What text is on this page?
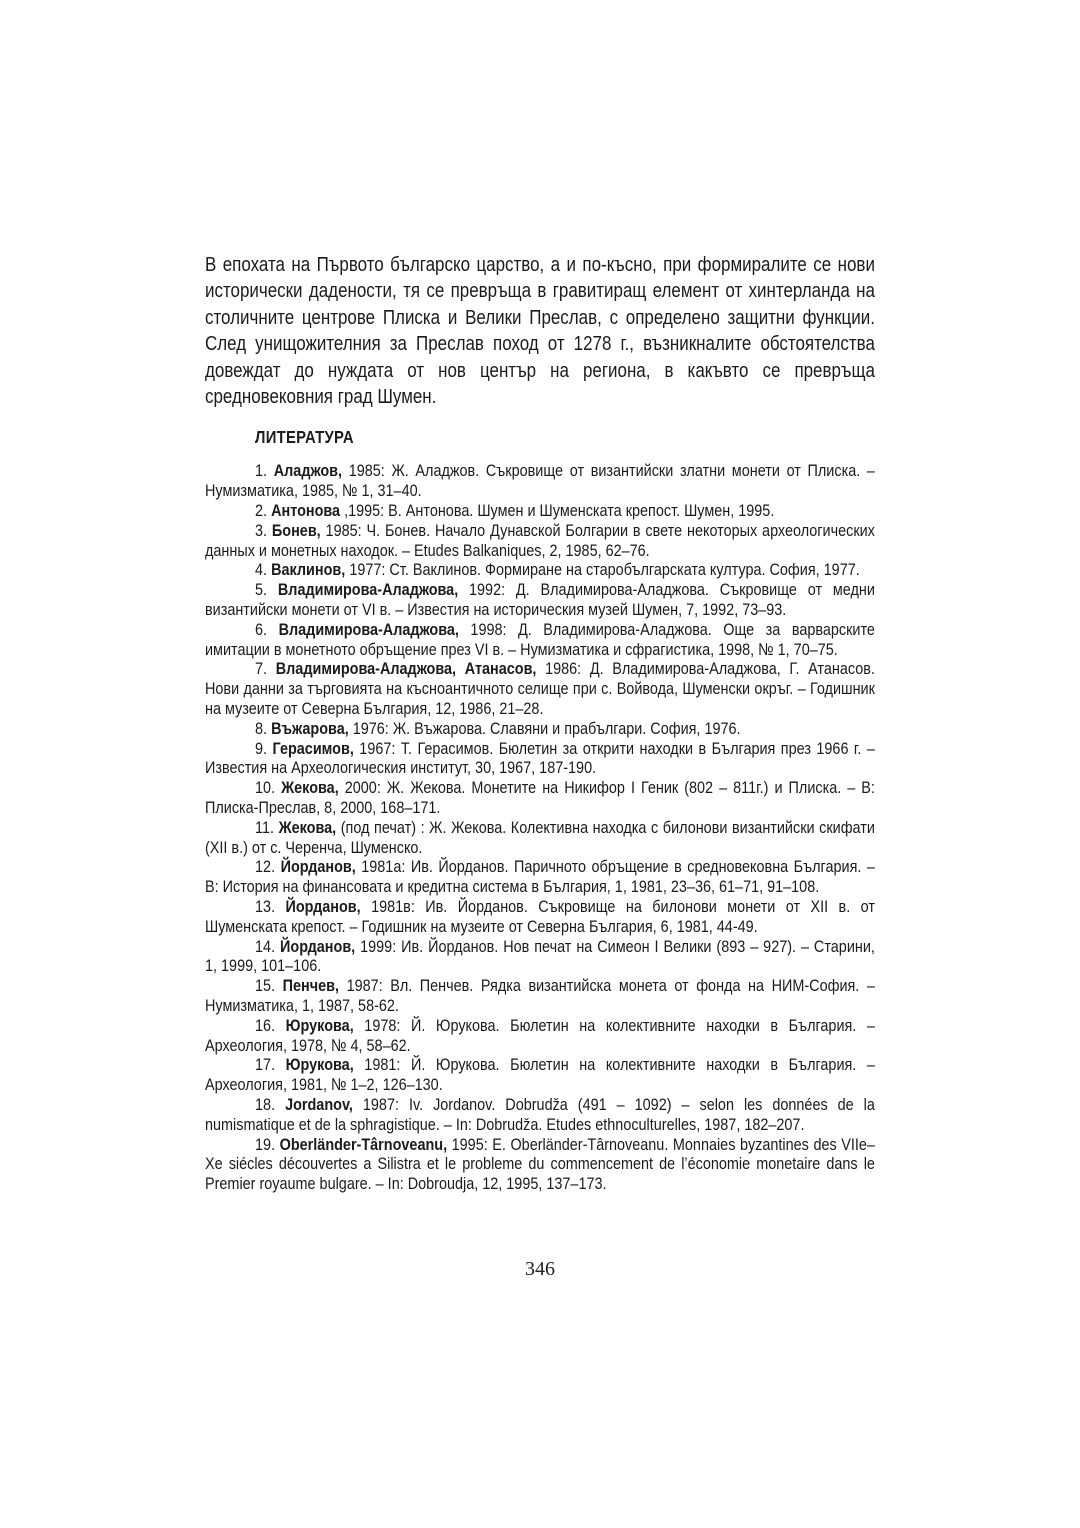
В епохата на Първото българско царство, а и по-късно, при формиралите се нови исторически дадености, тя се превръща в гравитиращ елемент от хинтерланда на столичните центрове Плиска и Велики Преслав, с определено защитни функции. След унищожителния за Преслав поход от 1278 г., възникналите обстоятелства довеждат до нуждата от нов център на региона, в какъвто се превръща средновековния град Шумен.

ЛИТЕРАТУРА

1. Аладжов, 1985: Ж. Аладжов. Съкровище от византийски златни монети от Плиска. – Нумизматика, 1985, № 1, 31–40.

2. Антонова ,1995: В. Антонова. Шумен и Шуменската крепост. Шумен, 1995.

3. Бонев, 1985: Ч. Бонев. Начало Дунавской Болгарии в свете некоторых археологических данных и монетных находок. – Etudes Balkaniques, 2, 1985, 62–76.

4. Ваклинов, 1977: Ст. Ваклинов. Формиране на старобългарската култура. София, 1977.

5. Владимирова-Аладжова, 1992: Д. Владимирова-Аладжова. Съкровище от медни византийски монети от VI в. – Известия на историческия музей Шумен, 7, 1992, 73–93.

6. Владимирова-Аладжова, 1998: Д. Владимирова-Аладжова. Още за варварските имитации в монетното обръщение през VI в. – Нумизматика и сфрагистика, 1998, № 1, 70–75.

7. Владимирова-Аладжова, Атанасов, 1986: Д. Владимирова-Аладжова, Г. Атанасов. Нови данни за търговията на късноантичното селище при с. Войвода, Шуменски окръг. – Годишник на музеите от Северна България, 12, 1986, 21–28.

8. Въжарова, 1976: Ж. Въжарова. Славяни и прабългари. София, 1976.

9. Герасимов, 1967: Т. Герасимов. Бюлетин за открити находки в България през 1966 г. – Известия на Археологическия институт, 30, 1967, 187-190.

10. Жекова, 2000: Ж. Жекова. Монетите на Никифор I Геник (802 – 811г.) и Плиска. – В: Плиска-Преслав, 8, 2000, 168–171.

11. Жекова, (под печат) : Ж. Жекова. Колективна находка с билонови византийски скифати (XII в.) от с. Черенча, Шуменско.

12. Йорданов, 1981а: Ив. Йорданов. Паричното обръщение в средновековна България. – В: История на финансовата и кредитна система в България, 1, 1981, 23–36, 61–71, 91–108.

13. Йорданов, 1981в: Ив. Йорданов. Съкровище на билонови монети от XII в. от Шуменската крепост. – Годишник на музеите от Северна България, 6, 1981, 44-49.

14. Йорданов, 1999: Ив. Йорданов. Нов печат на Симеон I Велики (893 – 927). – Старини, 1, 1999, 101–106.

15. Пенчев, 1987: Вл. Пенчев. Рядка византийска монета от фонда на НИМ-София. – Нумизматика, 1, 1987, 58-62.

16. Юрукова, 1978: Й. Юрукова. Бюлетин на колективните находки в България. – Археология, 1978, № 4, 58–62.

17. Юрукова, 1981: Й. Юрукова. Бюлетин на колективните находки в България. – Археология, 1981, № 1–2, 126–130.

18. Jordanov, 1987: Iv. Jordanov. Dobrudža (491 – 1092) – selon les données de la numismatique et de la sphragistique. – In: Dobrudža. Etudes ethnoculturelles, 1987, 182–207.

19. Oberländer-Târnoveanu, 1995: E. Oberländer-Târnoveanu. Monnaies byzantines des VIIe–Xe siécles découvertes a Silistra et le probleme du commencement de l’économie monetaire dans le Premier royaume bulgare. – In: Dobroudja, 12, 1995, 137–173.

346
